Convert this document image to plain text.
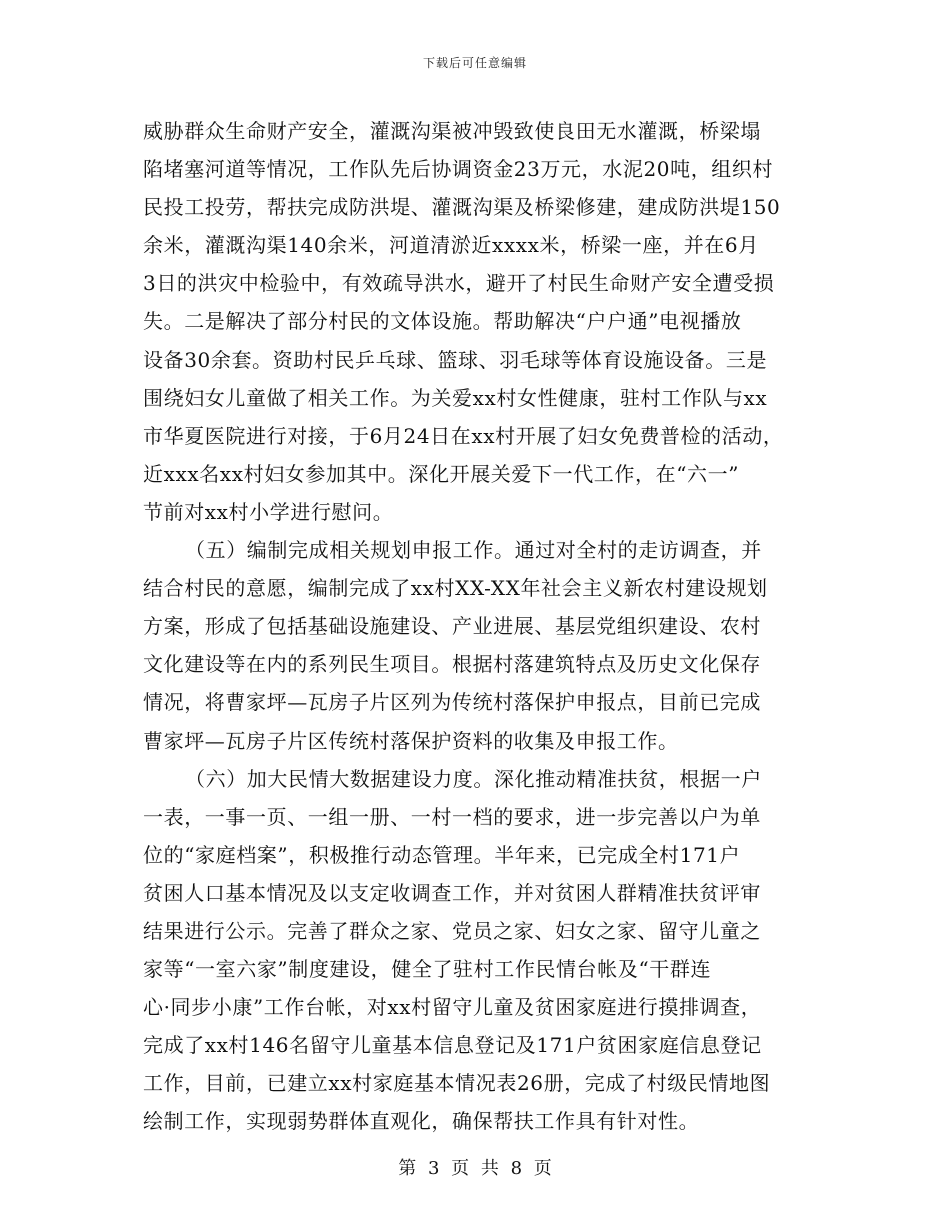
下载后可任意编辑
威胁群众生命财产安全，灌溉沟渠被冲毁致使良田无水灌溉，桥梁塌
陷堵塞河道等情况，工作队先后协调资金23万元，水泥20吨，组织村
民投工投劳，帮扶完成防洪堤、灌溉沟渠及桥梁修建，建成防洪堤150
余米，灌溉沟渠140余米，河道清淤近xxxx米，桥梁一座，并在6月
3日的洪灾中检验中，有效疏导洪水，避开了村民生命财产安全遭受损
失。二是解决了部分村民的文体设施。帮助解决“户户通”电视播放
设备30余套。资助村民乒乓球、篮球、羽毛球等体育设施设备。三是
围绕妇女儿童做了相关工作。为关爱xx村女性健康，驻村工作队与xx
市华夏医院进行对接，于6月24日在xx村开展了妇女免费普检的活动，
近xxx名xx村妇女参加其中。深化开展关爱下一代工作，在“六一”
节前对xx村小学进行慰问。
（五）编制完成相关规划申报工作。通过对全村的走访调查，并
结合村民的意愿，编制完成了xx村XX-XX年社会主义新农村建设规划
方案，形成了包括基础设施建设、产业进展、基层党组织建设、农村
文化建设等在内的系列民生项目。根据村落建筑特点及历史文化保存
情况，将曹家坪—瓦房子片区列为传统村落保护申报点，目前已完成
曹家坪—瓦房子片区传统村落保护资料的收集及申报工作。
（六）加大民情大数据建设力度。深化推动精准扶贫，根据一户
一表，一事一页、一组一册、一村一档的要求，进一步完善以户为单
位的“家庭档案”，积极推行动态管理。半年来，已完成全村171户
贫困人口基本情况及以支定收调查工作，并对贫困人群精准扶贫评审
结果进行公示。完善了群众之家、党员之家、妇女之家、留守儿童之
家等“一室六家”制度建设，健全了驻村工作民情台帐及“干群连
心·同步小康”工作台帐，对xx村留守儿童及贫困家庭进行摸排调查，
完成了xx村146名留守儿童基本信息登记及171户贫困家庭信息登记
工作，目前，已建立xx村家庭基本情况表26册，完成了村级民情地图
绘制工作，实现弱势群体直观化，确保帮扶工作具有针对性。
第 3 页 共 8 页
